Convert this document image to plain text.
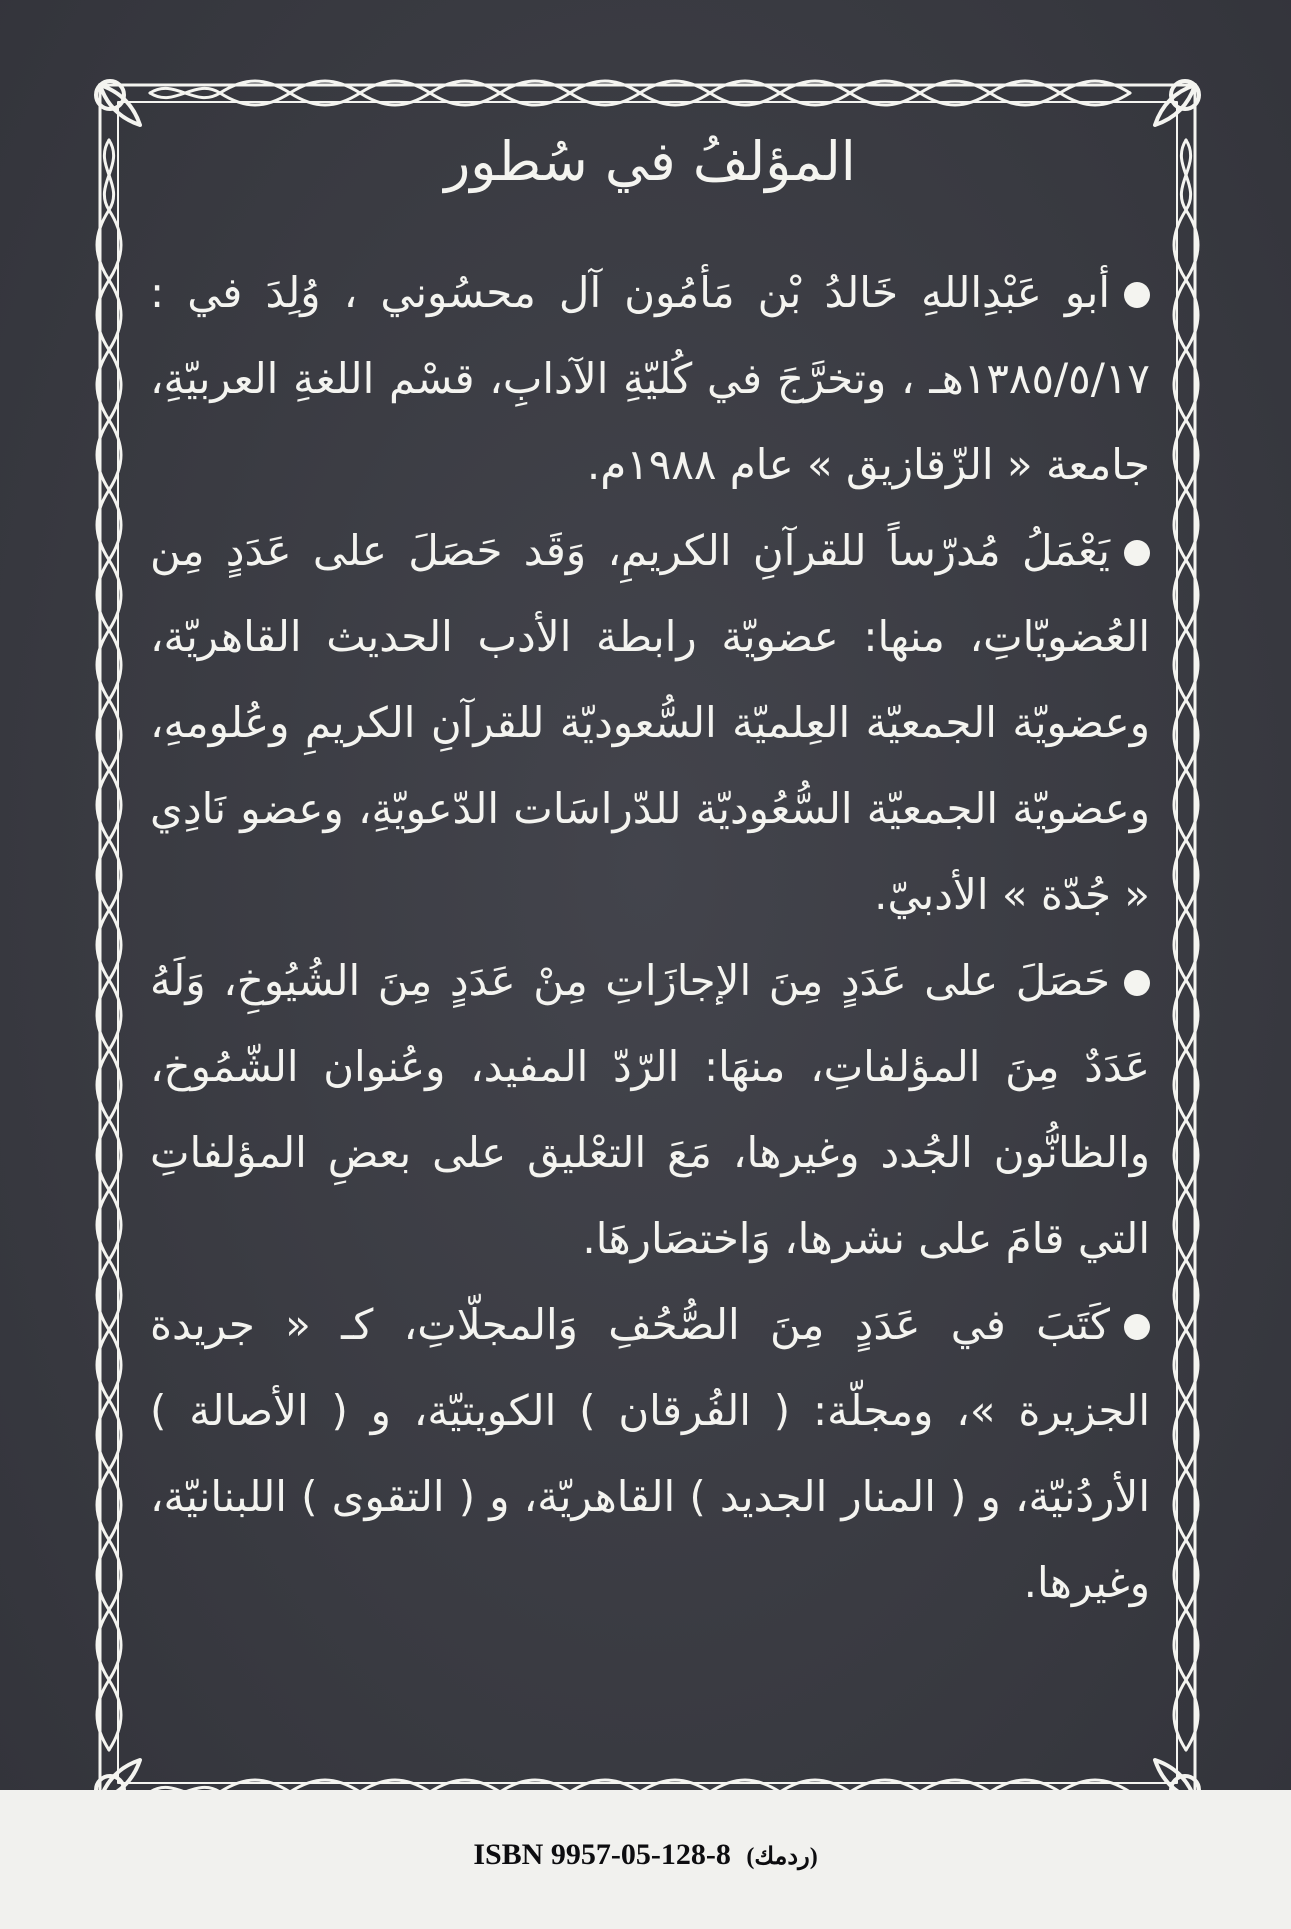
المؤلفُ في سُطور

أبو عَبْدِاللهِ خَالدُ بْن مَأمُون آل محسُوني ، وُلِدَ في : ١٣٨٥/٥/١٧هـ ، وتخرَّجَ في كُليّةِ الآدابِ، قسْم اللغةِ العربيّةِ، جامعة « الزّقازيق » عام ١٩٨٨م.

يَعْمَلُ مُدرّساً للقرآنِ الكريمِ، وَقَد حَصَلَ على عَدَدٍ مِن العُضويّاتِ، منها: عضويّة رابطة الأدب الحديث القاهريّة، وعضويّة الجمعيّة العِلميّة السُّعوديّة للقرآنِ الكريمِ وعُلومهِ، وعضويّة الجمعيّة السُّعُوديّة للدّراسَات الدّعويّةِ، وعضو نَادِي « جُدّة » الأدبيّ.

حَصَلَ على عَدَدٍ مِنَ الإجازَاتِ مِنْ عَدَدٍ مِنَ الشُيُوخِ، وَلَهُ عَدَدٌ مِنَ المؤلفاتِ، منهَا: الرّدّ المفيد، وعُنوان الشّمُوخ، والظانُّون الجُدد وغيرها، مَعَ التعْليق على بعضِ المؤلفاتِ التي قامَ على نشرها، وَاختصَارهَا.

كَتَبَ في عَدَدٍ مِنَ الصُّحُفِ وَالمجلّاتِ، كـ « جريدة الجزيرة »، ومجلّة: ( الفُرقان ) الكويتيّة، و ( الأصالة ) الأردُنيّة، و ( المنار الجديد ) القاهريّة، و ( التقوى ) اللبنانيّة، وغيرها.

ISBN 9957-05-128-8 (ردمك)
